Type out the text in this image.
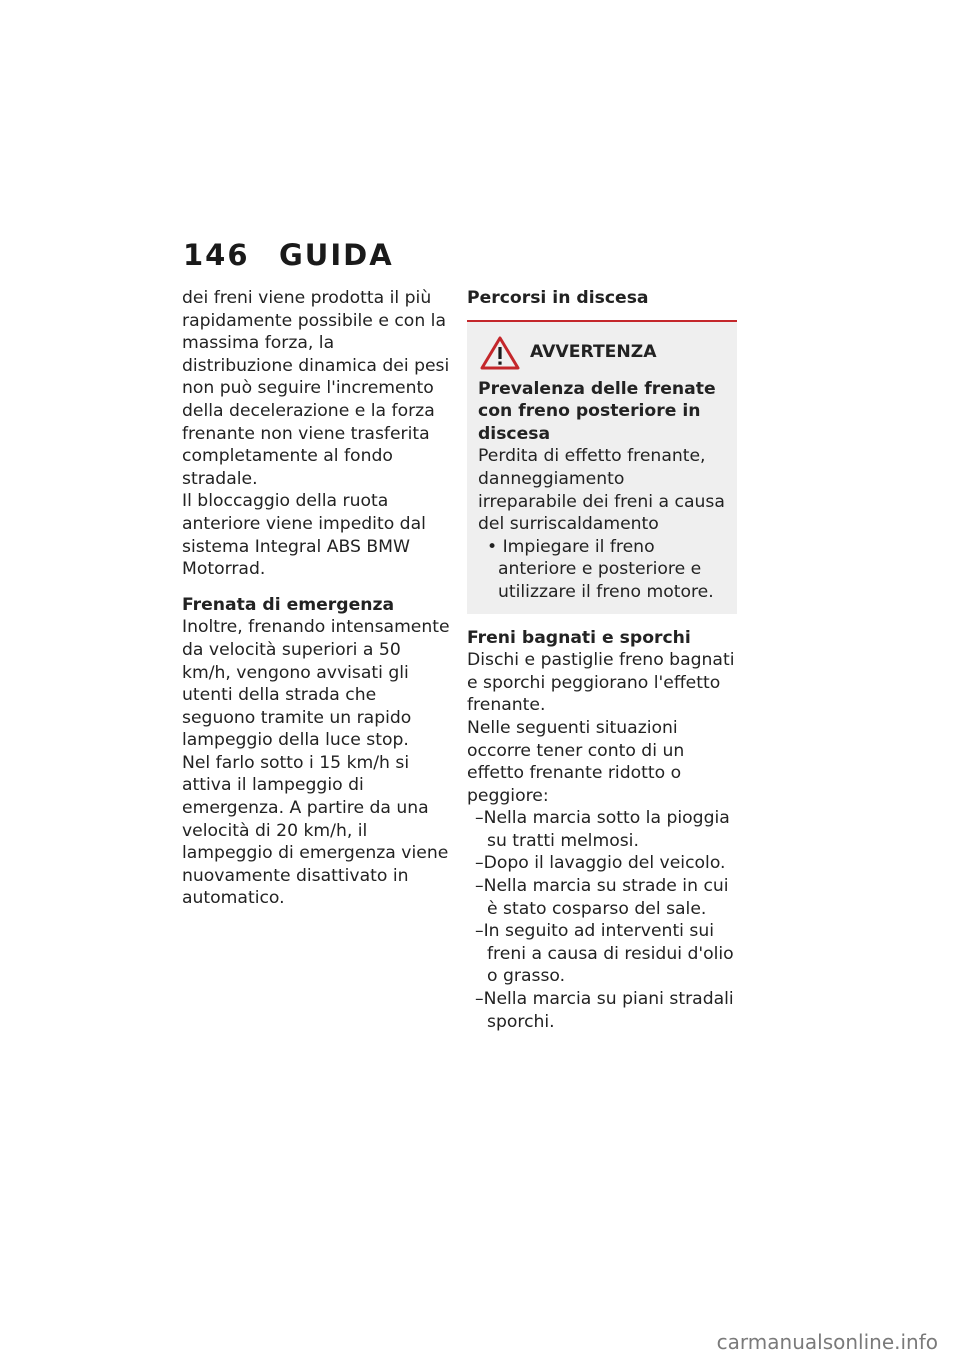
146 GUIDA

dei freni viene prodotta il più rapidamente possibile e con la massima forza, la distribuzione dinamica dei pesi non può seguire l'incremento della decelerazione e la forza frenante non viene trasferita completamente al fondo stradale.

Il bloccaggio della ruota anteriore viene impedito dal sistema Integral ABS BMW Motorrad.

Frenata di emergenza

Inoltre, frenando intensamente da velocità superiori a 50 km/h, vengono avvisati gli utenti della strada che seguono tramite un rapido lampeggio della luce stop.

Nel farlo sotto i 15 km/h si attiva il lampeggio di emergenza. A partire da una velocità di 20 km/h, il lampeggio di emergenza viene nuovamente disattivato in automatico.

Percorsi in discesa

AVVERTENZA

Prevalenza delle frenate con freno posteriore in discesa

Perdita di effetto frenante, danneggiamento irreparabile dei freni a causa del surriscaldamento

• Impiegare il freno anteriore e posteriore e utilizzare il freno motore.

Freni bagnati e sporchi

Dischi e pastiglie freno bagnati e sporchi peggiorano l'effetto frenante.

Nelle seguenti situazioni occorre tener conto di un effetto frenante ridotto o peggiore:

–Nella marcia sotto la pioggia su tratti melmosi.

–Dopo il lavaggio del veicolo.

–Nella marcia su strade in cui è stato cosparso del sale.

–In seguito ad interventi sui freni a causa di residui d'olio o grasso.

–Nella marcia su piani stradali sporchi.

carmanualsonline.info
